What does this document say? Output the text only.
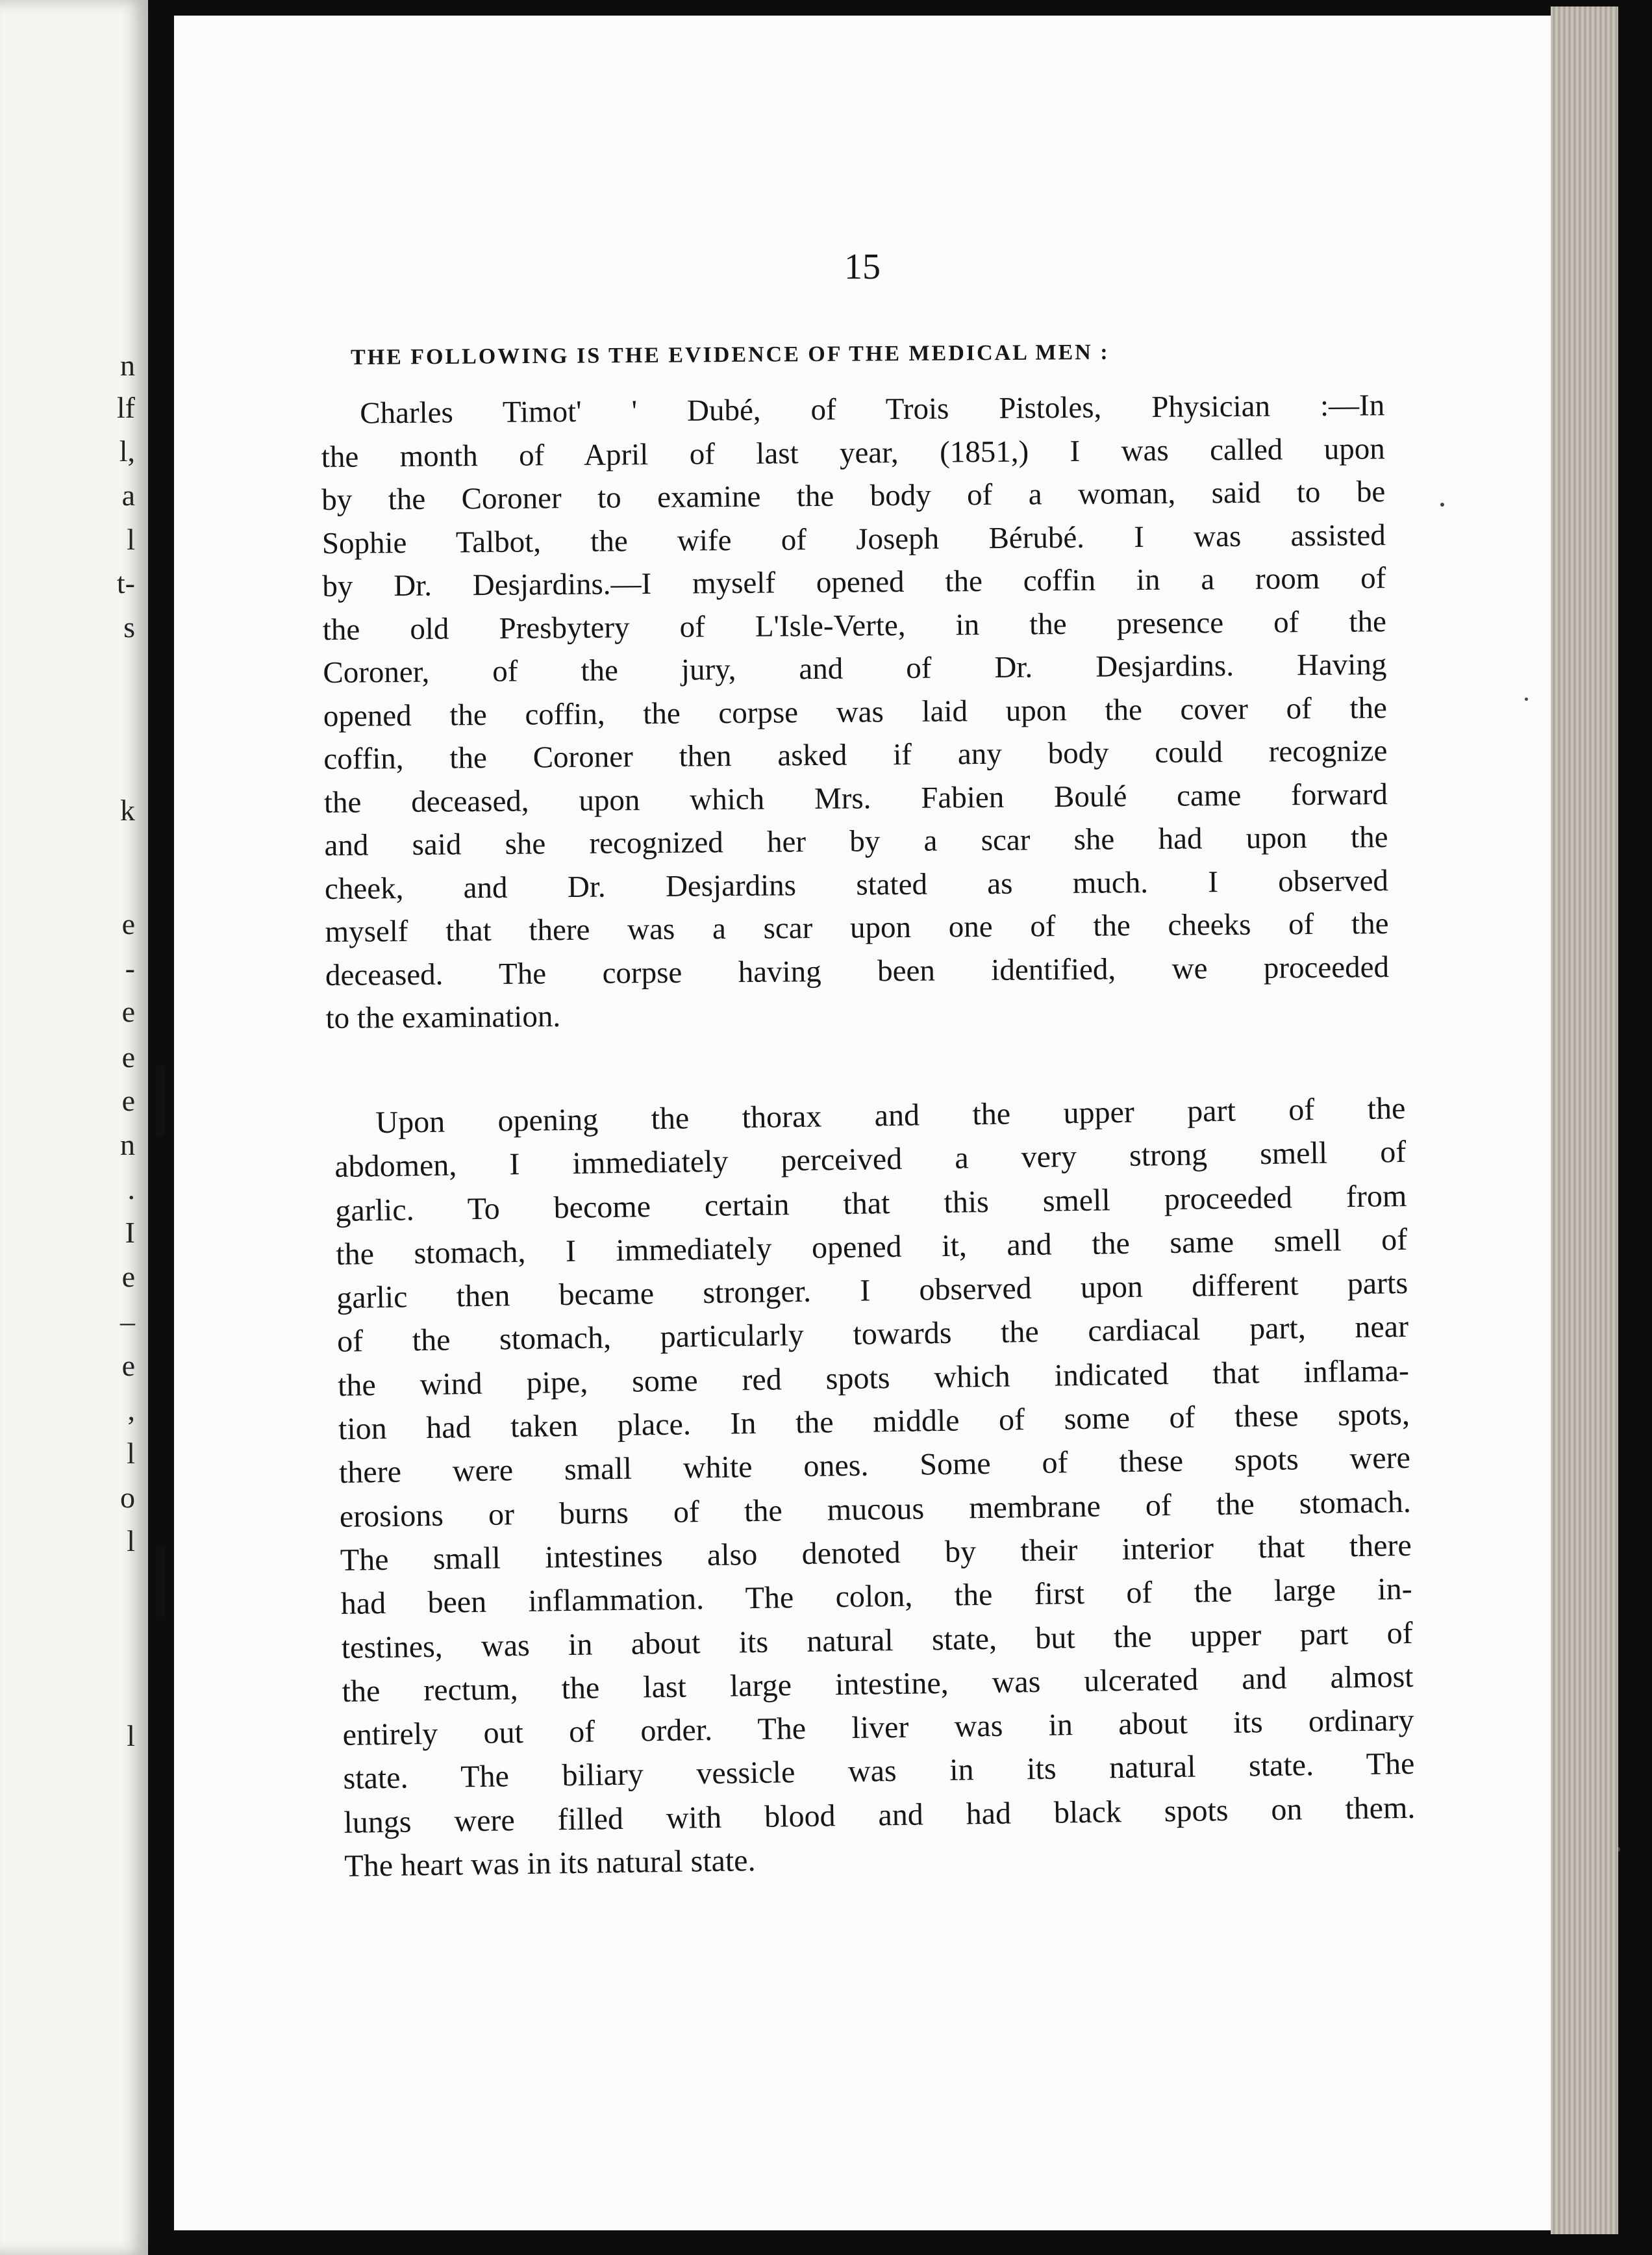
n
lf
l,
a
l
t-
s
k
e
-
e
e
e
n
.
I
e
–
e
,
l
o
l
l
15
THE FOLLOWING IS THE EVIDENCE OF THE MEDICAL MEN :
Charles Timot' ' Dubé, of Trois Pistoles, Physician :—In
the month of April of last year, (1851,) I was called upon
by the Coroner to examine the body of a woman, said to be
Sophie Talbot, the wife of Joseph Bérubé. I was assisted
by Dr. Desjardins.—I myself opened the coffin in a room of
the old Presbytery of L'Isle-Verte, in the presence of the
Coroner, of the jury, and of Dr. Desjardins. Having
opened the coffin, the corpse was laid upon the cover of the
coffin, the Coroner then asked if any body could recognize
the deceased, upon which Mrs. Fabien Boulé came forward
and said she recognized her by a scar she had upon the
cheek, and Dr. Desjardins stated as much. I observed
myself that there was a scar upon one of the cheeks of the
deceased. The corpse having been identified, we proceeded
to the examination.
Upon opening the thorax and the upper part of the
abdomen, I immediately perceived a very strong smell of
garlic. To become certain that this smell proceeded from
the stomach, I immediately opened it, and the same smell of
garlic then became stronger. I observed upon different parts
of the stomach, particularly towards the cardiacal part, near
the wind pipe, some red spots which indicated that inflama-
tion had taken place. In the middle of some of these spots,
there were small white ones. Some of these spots were
erosions or burns of the mucous membrane of the stomach.
The small intestines also denoted by their interior that there
had been inflammation. The colon, the first of the large in-
testines, was in about its natural state, but the upper part of
the rectum, the last large intestine, was ulcerated and almost
entirely out of order. The liver was in about its ordinary
state. The biliary vessicle was in its natural state. The
lungs were filled with blood and had black spots on them.
The heart was in its natural state.
